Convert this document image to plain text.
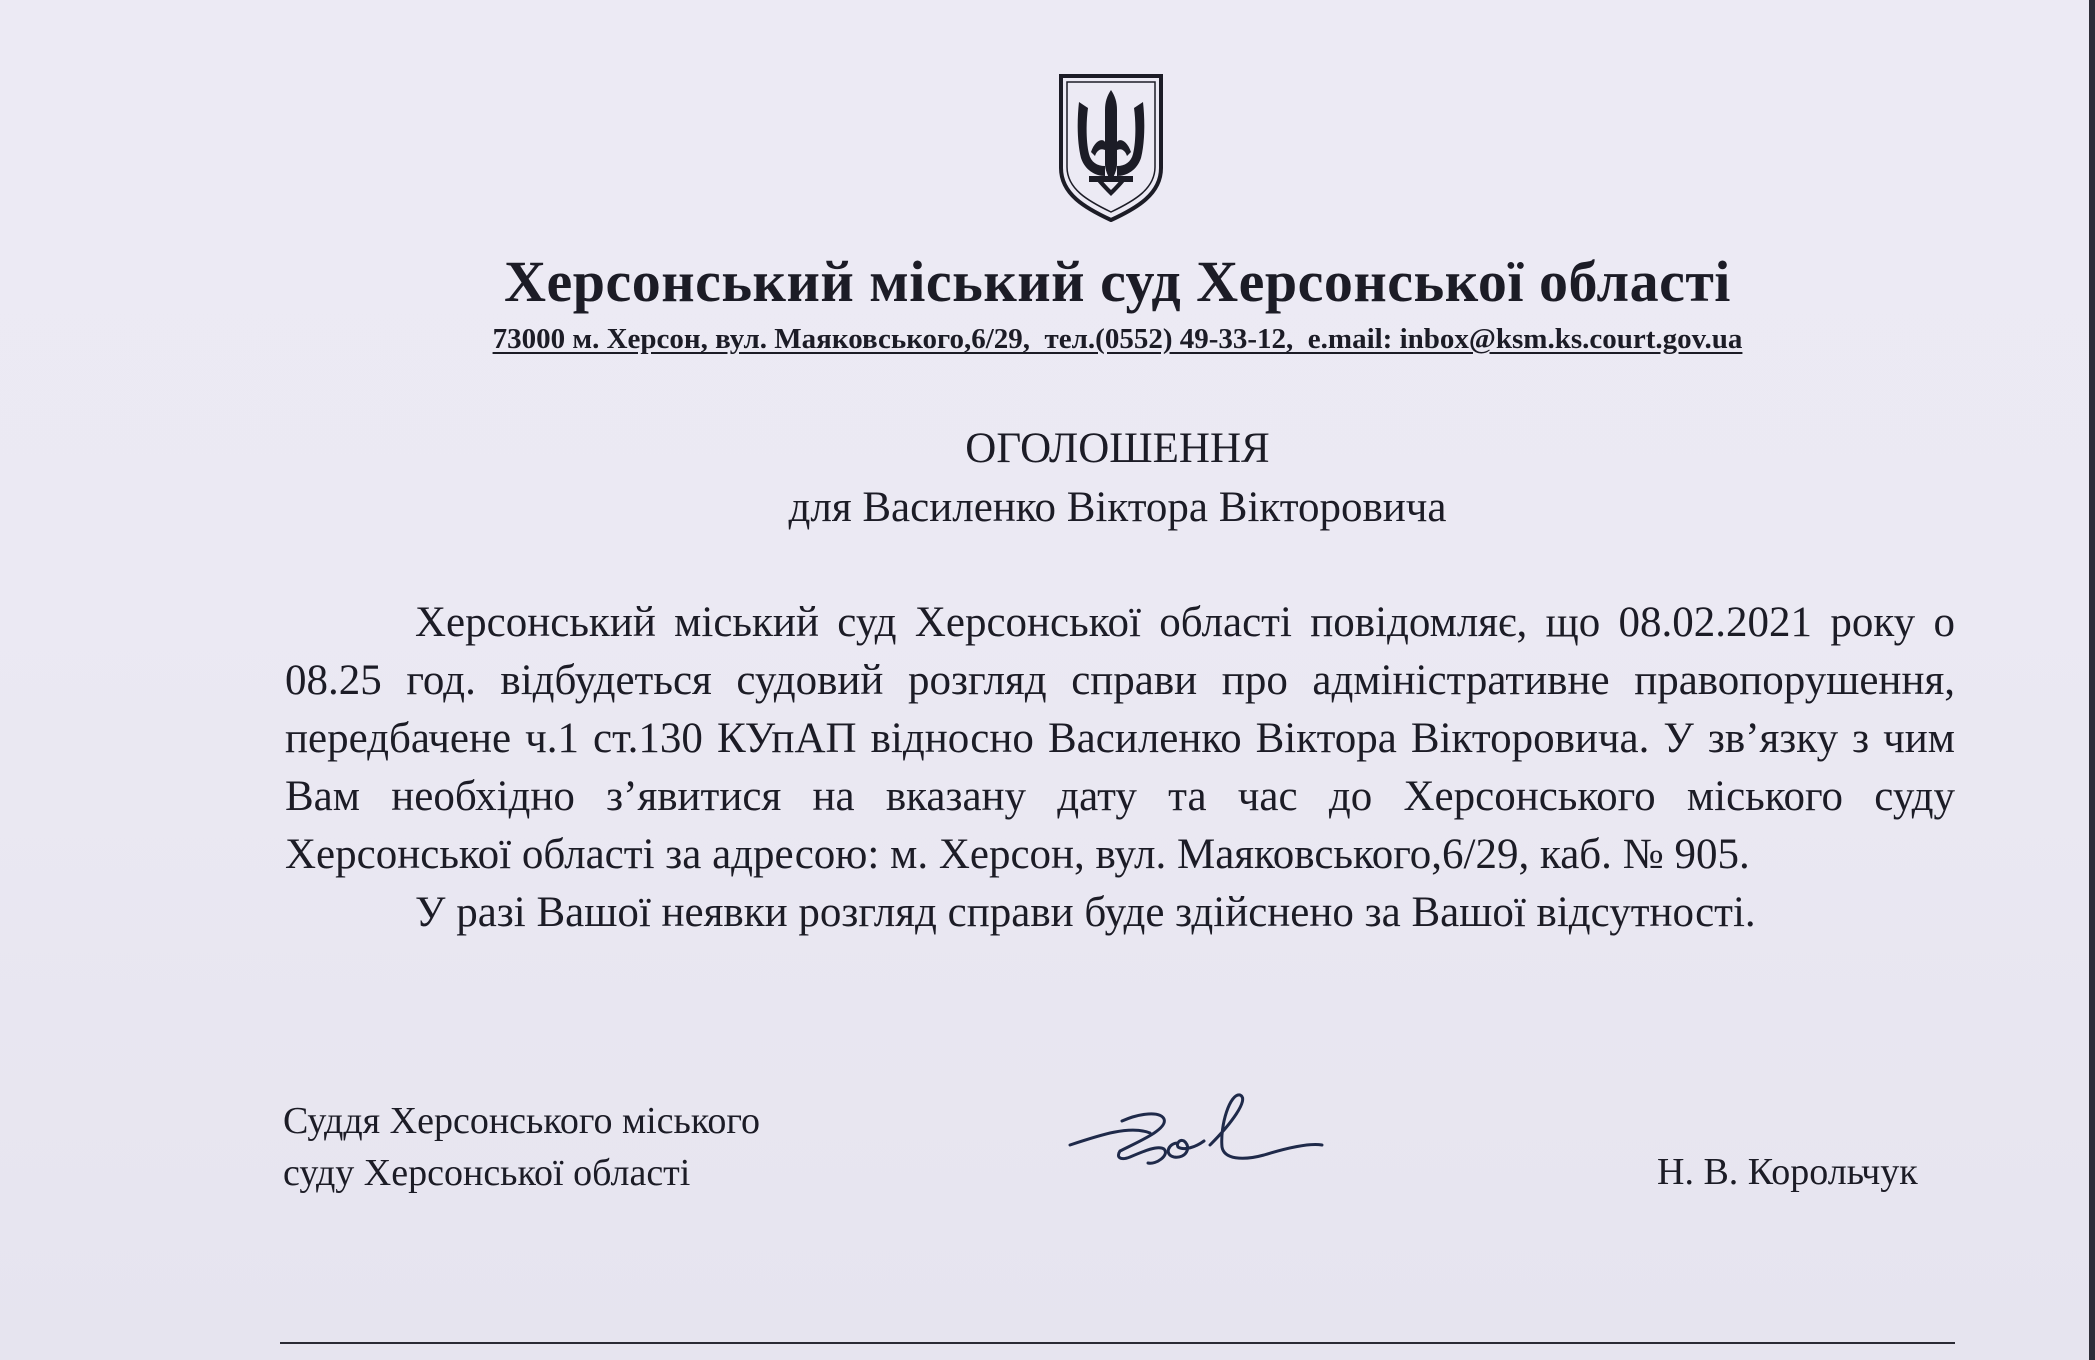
Херсонський міський суд Херсонської області
73000 м. Херсон, вул. Маяковського,6/29,  тел.(0552) 49-33-12,  e.mail: inbox@ksm.ks.court.gov.ua
ОГОЛОШЕННЯ
для Василенко Віктора Вікторовича

Херсонський міський суд Херсонської області повідомляє, що 08.02.2021 року о 08.25 год. відбудеться судовий розгляд справи про адміністративне правопорушення, передбачене ч.1 ст.130 КУпАП відносно Василенко Віктора Вікторовича. У зв’язку з чим Вам необхідно з’явитися на вказану дату та час до Херсонського міського суду Херсонської області за адресою: м. Херсон, вул. Маяковського,6/29, каб. № 905.

У разі Вашої неявки розгляд справи буде здійснено за Вашої відсутності.

Суддя Херсонського міського
суду Херсонської області	Н. В. Корольчук
